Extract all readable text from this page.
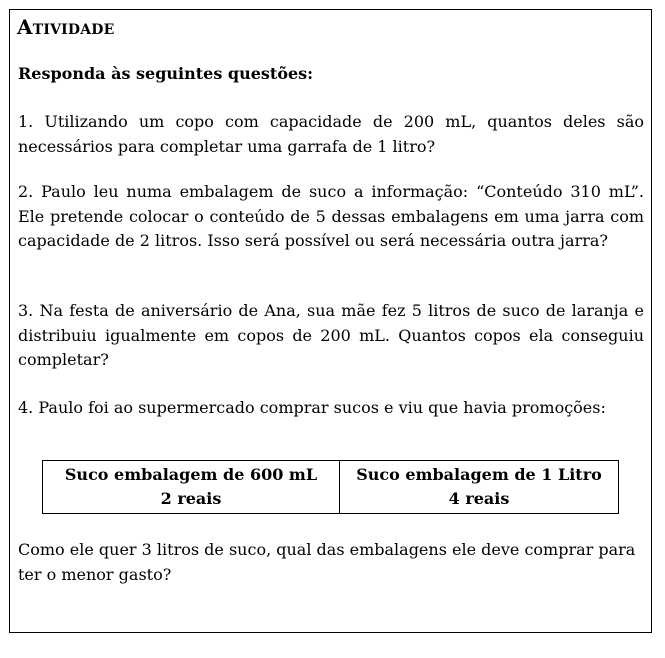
Atividade

Responda às seguintes questões:

1. Utilizando um copo com capacidade de 200 mL, quantos deles são necessários para completar uma garrafa de 1 litro?

2. Paulo leu numa embalagem de suco a informação: “Conteúdo 310 mL”. Ele pretende colocar o conteúdo de 5 dessas embalagens em uma jarra com capacidade de 2 litros. Isso será possível ou será necessária outra jarra?

3. Na festa de aniversário de Ana, sua mãe fez 5 litros de suco de laranja e distribuiu igualmente em copos de 200 mL. Quantos copos ela conseguiu completar?

4. Paulo foi ao supermercado comprar sucos e viu que havia promoções:

Suco embalagem de 600 mL
2 reais

Suco embalagem de 1 Litro
4 reais

Como ele quer 3 litros de suco, qual das embalagens ele deve comprar para ter o menor gasto?
